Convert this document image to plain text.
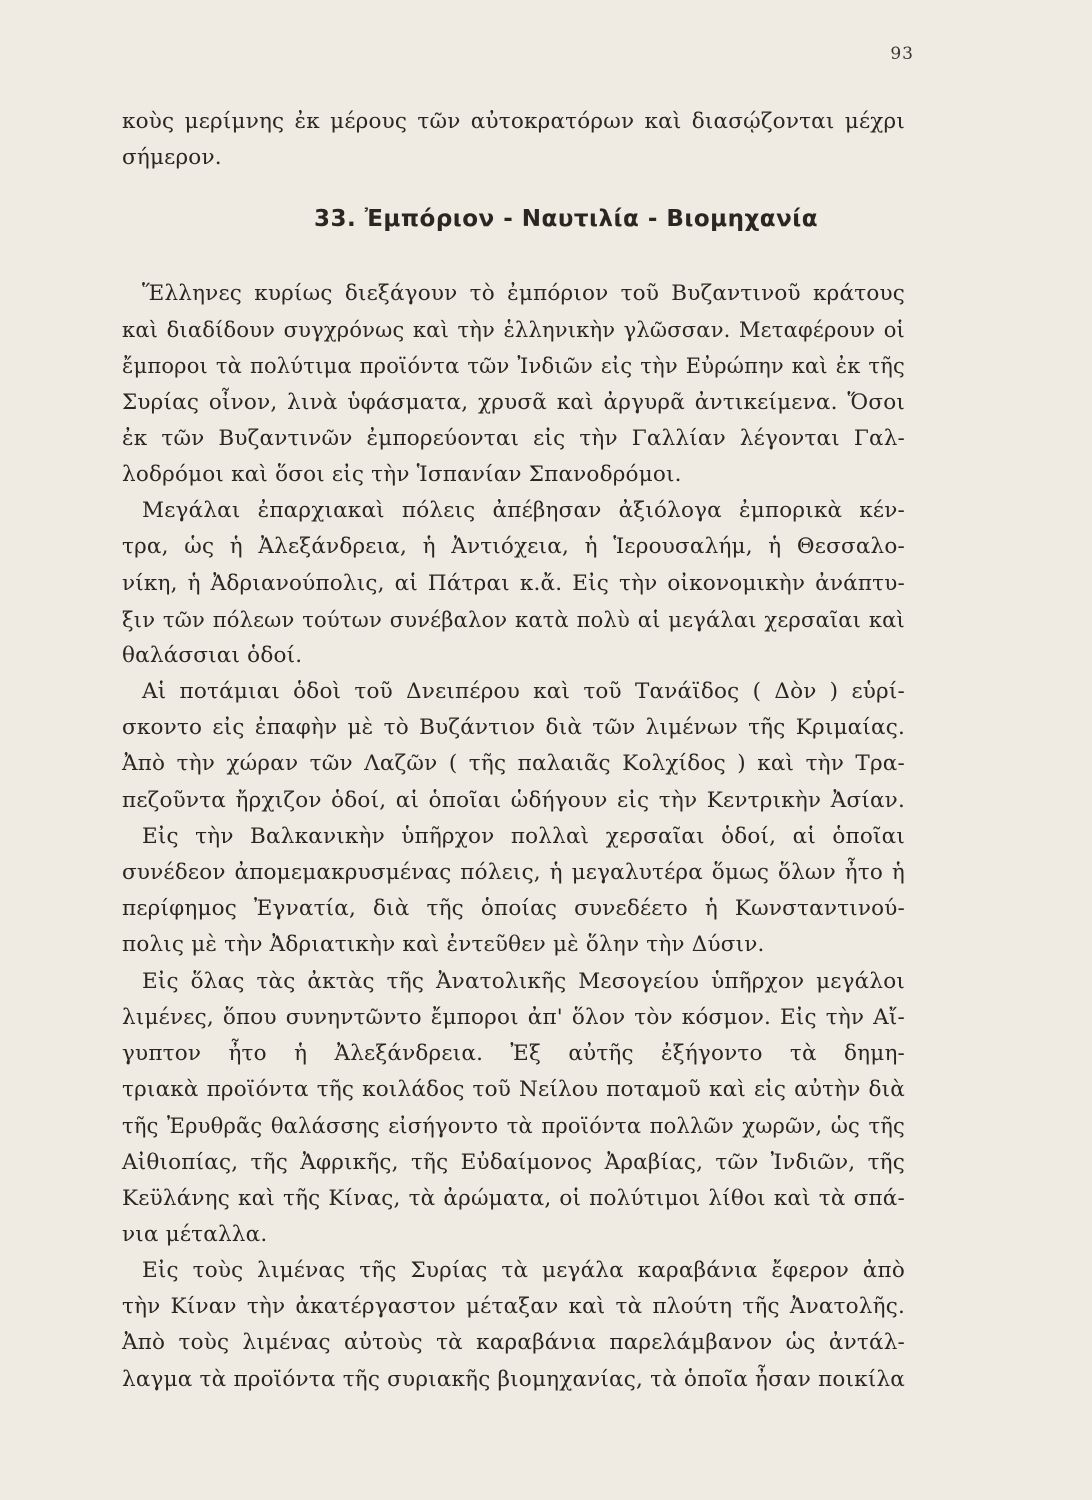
93
κοὺς μερίμνης ἐκ μέρους τῶν αὐτοκρατόρων καὶ διασῴζονται μέχρι
σήμερον.
33. Ἐμπόριον - Ναυτιλία - Βιομηχανία
Ἕλληνες κυρίως διεξάγουν τὸ ἐμπόριον τοῦ Βυζαντινοῦ κράτους
καὶ διαδίδουν συγχρόνως καὶ τὴν ἑλληνικὴν γλῶσσαν. Μεταφέρουν οἱ
ἔμποροι τὰ πολύτιμα προϊόντα τῶν Ἰνδιῶν εἰς τὴν Εὐρώπην καὶ ἐκ τῆς
Συρίας οἶνον, λινὰ ὑφάσματα, χρυσᾶ καὶ ἀργυρᾶ ἀντικείμενα. Ὅσοι
ἐκ τῶν Βυζαντινῶν ἐμπορεύονται εἰς τὴν Γαλλίαν λέγονται Γαλ-
λοδρόμοι καὶ ὅσοι εἰς τὴν Ἱσπανίαν Σπανοδρόμοι.
Μεγάλαι ἐπαρχιακαὶ πόλεις ἀπέβησαν ἀξιόλογα ἐμπορικὰ κέν-
τρα, ὡς ἡ Ἀλεξάνδρεια, ἡ Ἀντιόχεια, ἡ Ἱερουσαλήμ, ἡ Θεσσαλο-
νίκη, ἡ Ἀδριανούπολις, αἱ Πάτραι κ.ἄ. Εἰς τὴν οἰκονομικὴν ἀνάπτυ-
ξιν τῶν πόλεων τούτων συνέβαλον κατὰ πολὺ αἱ μεγάλαι χερσαῖαι καὶ
θαλάσσιαι ὁδοί.
Αἱ ποτάμιαι ὁδοὶ τοῦ Δνειπέρου καὶ τοῦ Τανάϊδος ( Δὸν ) εὑρί-
σκοντο εἰς ἐπαφὴν μὲ τὸ Βυζάντιον διὰ τῶν λιμένων τῆς Κριμαίας.
Ἀπὸ τὴν χώραν τῶν Λαζῶν ( τῆς παλαιᾶς Κολχίδος ) καὶ τὴν Τρα-
πεζοῦντα ἤρχιζον ὁδοί, αἱ ὁποῖαι ὡδήγουν εἰς τὴν Κεντρικὴν Ἀσίαν.
Εἰς τὴν Βαλκανικὴν ὑπῆρχον πολλαὶ χερσαῖαι ὁδοί, αἱ ὁποῖαι
συνέδεον ἀπομεμακρυσμένας πόλεις, ἡ μεγαλυτέρα ὅμως ὅλων ἦτο ἡ
περίφημος Ἐγνατία, διὰ τῆς ὁποίας συνεδέετο ἡ Κωνσταντινού-
πολις μὲ τὴν Ἀδριατικὴν καὶ ἐντεῦθεν μὲ ὅλην τὴν Δύσιν.
Εἰς ὅλας τὰς ἀκτὰς τῆς Ἀνατολικῆς Μεσογείου ὑπῆρχον μεγάλοι
λιμένες, ὅπου συνηντῶντο ἔμποροι ἀπ' ὅλον τὸν κόσμον. Εἰς τὴν Αἴ-
γυπτον ἦτο ἡ Ἀλεξάνδρεια. Ἐξ αὐτῆς ἐξήγοντο τὰ δημη-
τριακὰ προϊόντα τῆς κοιλάδος τοῦ Νείλου ποταμοῦ καὶ εἰς αὐτὴν διὰ
τῆς Ἐρυθρᾶς θαλάσσης εἰσήγοντο τὰ προϊόντα πολλῶν χωρῶν, ὡς τῆς
Αἰθιοπίας, τῆς Ἀφρικῆς, τῆς Εὐδαίμονος Ἀραβίας, τῶν Ἰνδιῶν, τῆς
Κεϋλάνης καὶ τῆς Κίνας, τὰ ἀρώματα, οἱ πολύτιμοι λίθοι καὶ τὰ σπά-
νια μέταλλα.
Εἰς τοὺς λιμένας τῆς Συρίας τὰ μεγάλα καραβάνια ἔφερον ἀπὸ
τὴν Κίναν τὴν ἀκατέργαστον μέταξαν καὶ τὰ πλούτη τῆς Ἀνατολῆς.
Ἀπὸ τοὺς λιμένας αὐτοὺς τὰ καραβάνια παρελάμβανον ὡς ἀντάλ-
λαγμα τὰ προϊόντα τῆς συριακῆς βιομηχανίας, τὰ ὁποῖα ἦσαν ποικίλα
